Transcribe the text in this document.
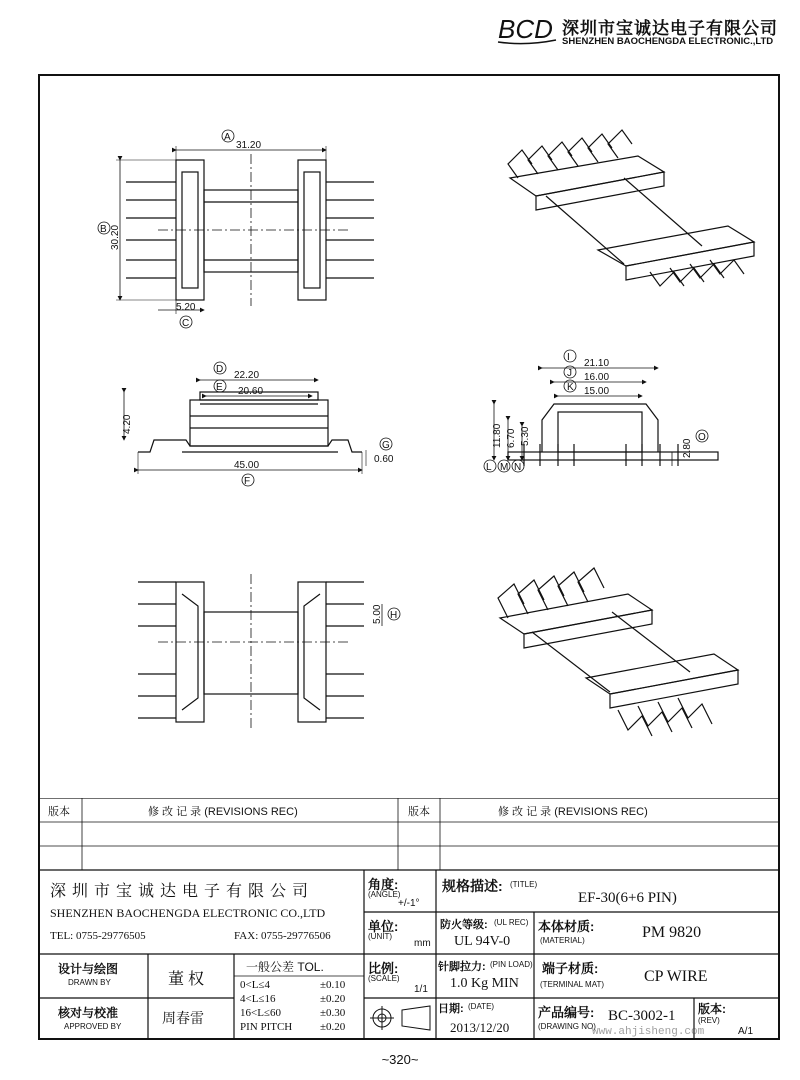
BCD 深圳市宝诚达电子有限公司
SHENZHEN BAOCHENGDA ELECTRONIC.,LTD
A
31.20
B 30.20
5.20
C
D
22.20
E 20.60
4.20
45.00
F
G
0.60
5.00 H
I
21.10
J 16.00
K 15.00
11.80 6.70 5.30
L M N
2.80
O
版本	修 改 记 录 (REVISIONS REC)	版本	修 改 记 录 (REVISIONS REC)
深 圳 市 宝 诚 达 电 子 有 限 公 司
SHENZHEN BAOCHENGDA ELECTRONIC CO.,LTD
TEL: 0755-29776505	FAX: 0755-29776506
角度:
(ANGLE)
+/-1°
单位:
(UNIT)
mm
规格描述: (TITLE)
EF-30(6+6 PIN)
防火等级: (UL REC)
UL 94V-0
本体材质:
(MATERIAL)	PM 9820
设计与绘图
DRAWN BY	董 权
一般公差 TOL.
0<L≤4	±0.10
4<L≤16	±0.20
16<L≤60	±0.30
PIN PITCH	±0.20
比例:
(SCALE)
1/1
针脚拉力: (PIN LOAD)
1.0 Kg MIN
端子材质:
(TERMINAL MAT)	CP WIRE
核对与校准
APPROVED BY	周春雷
日期: (DATE)
2013/12/20
产品编号:
(DRAWING NO)
BC-3002-1 版本:
(REV)
A/1
www.ahjisheng.com
~320~
